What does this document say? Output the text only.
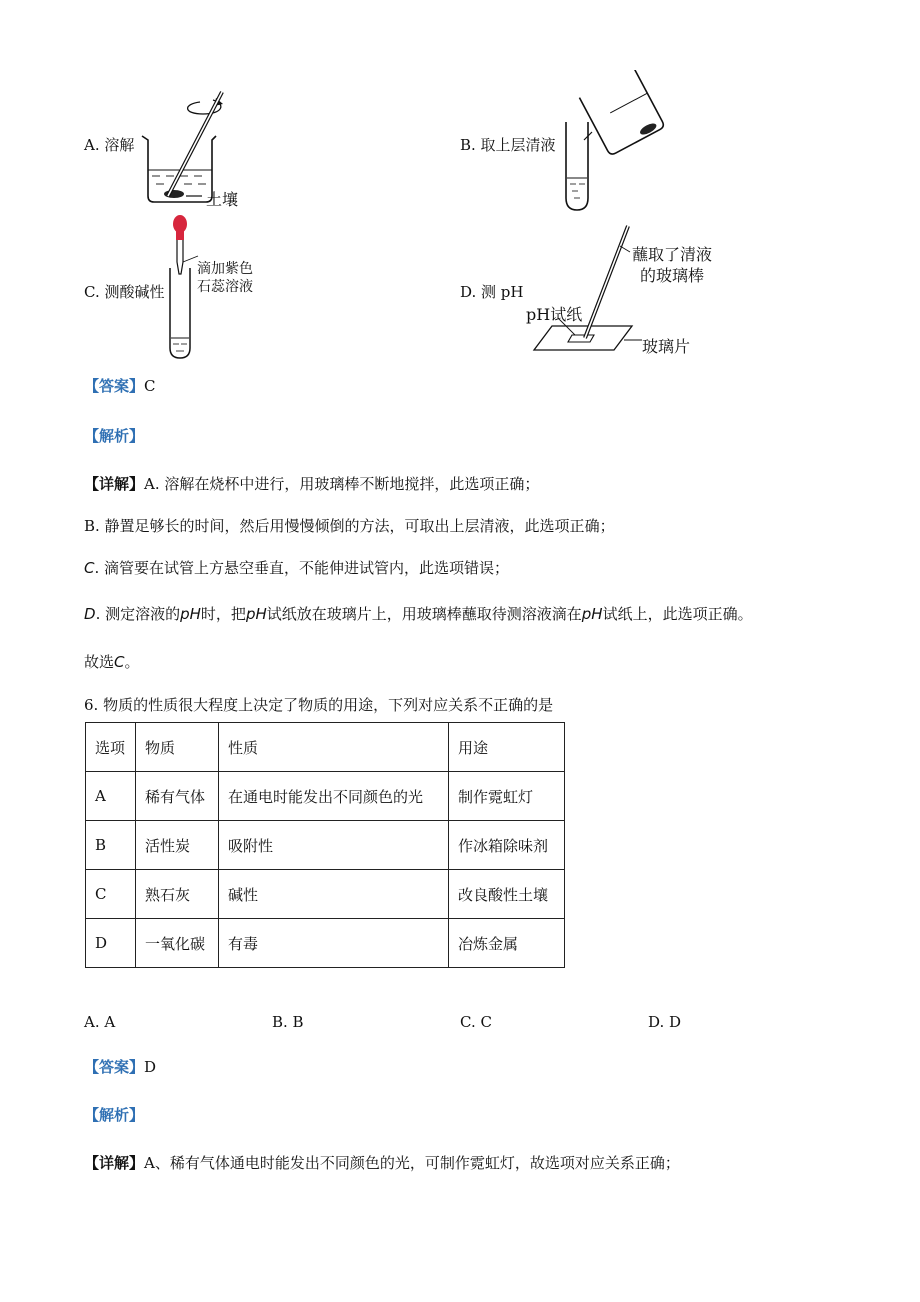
A. 溶解
土壤
B. 取上层清液
C. 测酸碱性
滴加紫色
石蕊溶液	D. 测 pH
蘸取了清液
的玻璃棒
pH试纸
玻璃片
【答案】C
【解析】
【详解】A. 溶解在烧杯中进行，用玻璃棒不断地搅拌，此选项正确；
B. 静置足够长的时间，然后用慢慢倾倒的方法，可取出上层清液，此选项正确；
C. 滴管要在试管上方悬空垂直，不能伸进试管内，此选项错误；
D. 测定溶液的pH时，把pH试纸放在玻璃片上，用玻璃棒蘸取待测溶液滴在pH试纸上，此选项正确。
故选C。
6. 物质的性质很大程度上决定了物质的用途，下列对应关系不正确的是
选项	物质	性质	用途
A	稀有气体	在通电时能发出不同颜色的光	制作霓虹灯
B	活性炭	吸附性	作冰箱除味剂
C	熟石灰	碱性	改良酸性土壤
D	一氧化碳	有毒	冶炼金属
A. A	B. B	C. C	D. D
【答案】D
【解析】
【详解】A、稀有气体通电时能发出不同颜色的光，可制作霓虹灯，故选项对应关系正确；
